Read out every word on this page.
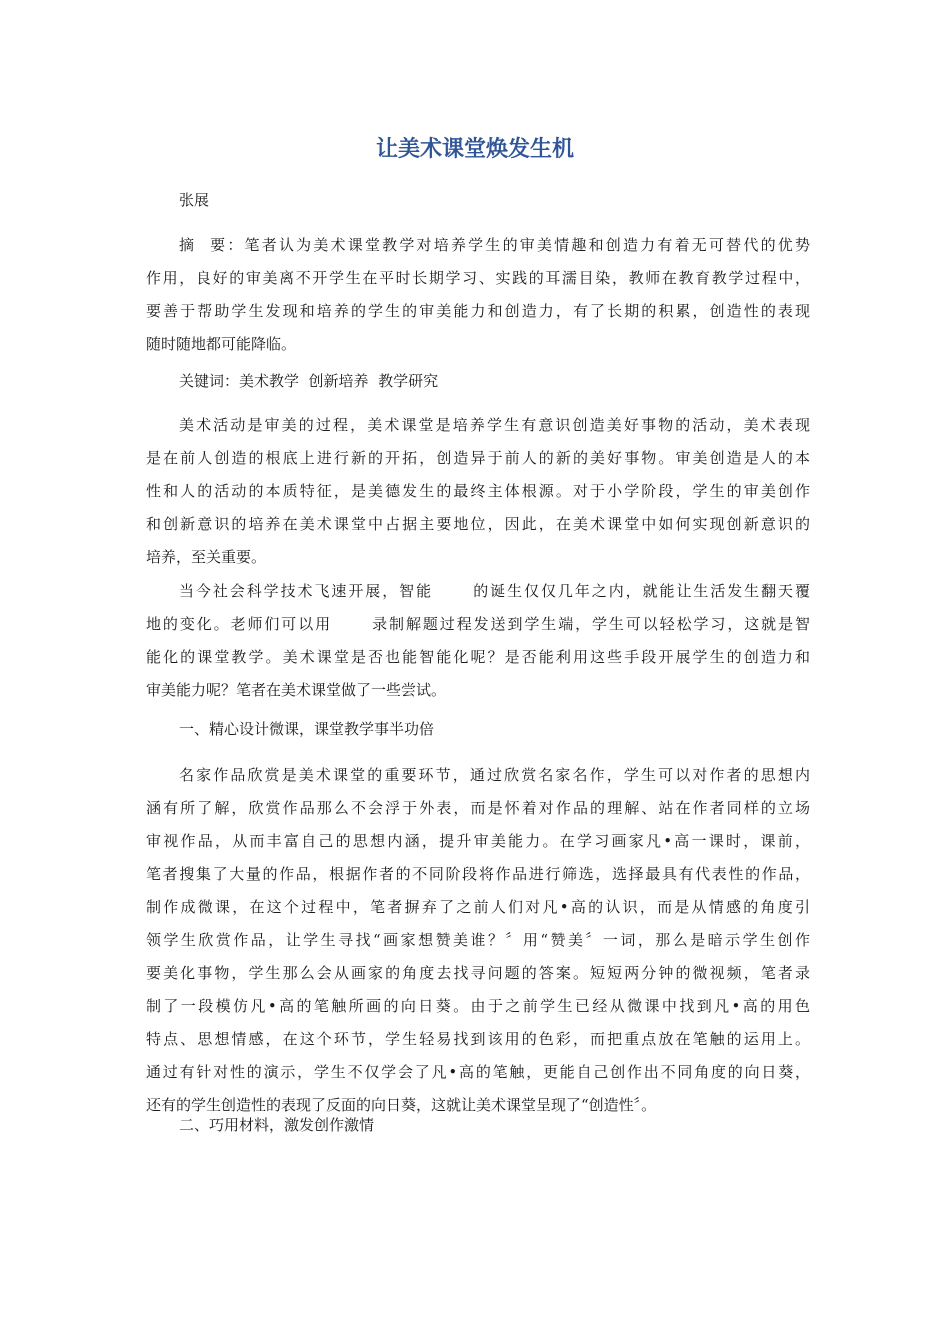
让美术课堂焕发生机

张展

摘  要：笔者认为美术课堂教学对培养学生的审美情趣和创造力有着无可替代的优势
作用，良好的审美离不开学生在平时长期学习、实践的耳濡目染，教师在教育教学过程中，
要善于帮助学生发现和培养的学生的审美能力和创造力，有了长期的积累，创造性的表现
随时随地都可能降临。

关键词：美术教学  创新培养  教学研究

美术活动是审美的过程，美术课堂是培养学生有意识创造美好事物的活动，美术表现
是在前人创造的根底上进行新的开拓，创造异于前人的新的美好事物。审美创造是人的本
性和人的活动的本质特征，是美德发生的最终主体根源。对于小学阶段，学生的审美创作
和创新意识的培养在美术课堂中占据主要地位，因此，在美术课堂中如何实现创新意识的
培养，至关重要。

当今社会科学技术飞速开展，智能      的诞生仅仅几年之内，就能让生活发生翻天覆
地的变化。老师们可以用      录制解题过程发送到学生端，学生可以轻松学习，这就是智
能化的课堂教学。美术课堂是否也能智能化呢？是否能利用这些手段开展学生的创造力和
审美能力呢？笔者在美术课堂做了一些尝试。

一、精心设计微课，课堂教学事半功倍

名家作品欣赏是美术课堂的重要环节，通过欣赏名家名作，学生可以对作者的思想内
涵有所了解，欣赏作品那么不会浮于外表，而是怀着对作品的理解、站在作者同样的立场
审视作品，从而丰富自己的思想内涵，提升审美能力。在学习画家凡•高一课时，课前，
笔者搜集了大量的作品，根据作者的不同阶段将作品进行筛选，选择最具有代表性的作品，
制作成微课，在这个过程中，笔者摒弃了之前人们对凡•高的认识，而是从情感的角度引
领学生欣赏作品，让学生寻找“画家想赞美谁？〞用“赞美〞一词，那么是暗示学生创作
要美化事物，学生那么会从画家的角度去找寻问题的答案。短短两分钟的微视频，笔者录
制了一段模仿凡•高的笔触所画的向日葵。由于之前学生已经从微课中找到凡•高的用色
特点、思想情感，在这个环节，学生轻易找到该用的色彩，而把重点放在笔触的运用上。
通过有针对性的演示，学生不仅学会了凡•高的笔触，更能自己创作出不同角度的向日葵，
还有的学生创造性的表现了反面的向日葵，这就让美术课堂呈现了“创造性〞。

二、巧用材料，激发创作激情
